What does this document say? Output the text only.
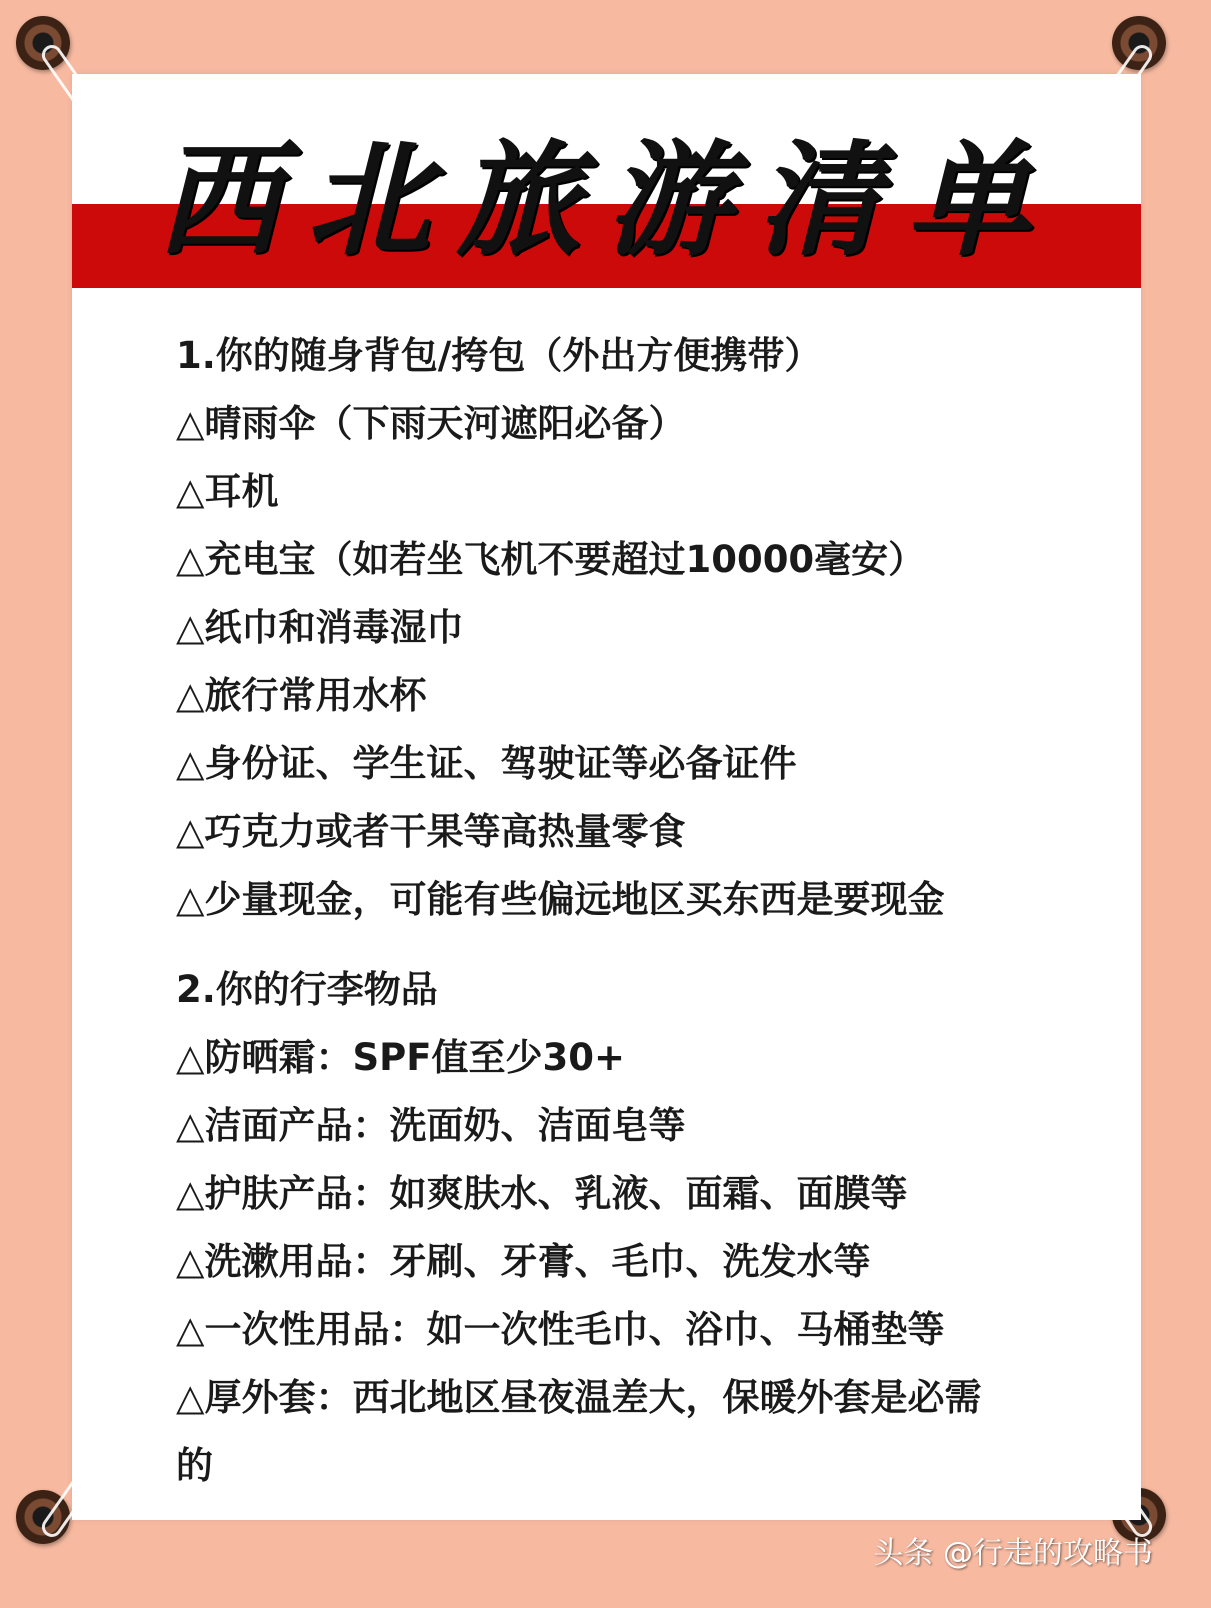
西北旅游清单
1.你的随身背包/挎包（外出方便携带）
△晴雨伞（下雨天河遮阳必备）
△耳机
△充电宝（如若坐飞机不要超过10000毫安）
△纸巾和消毒湿巾
△旅行常用水杯
△身份证、学生证、驾驶证等必备证件
△巧克力或者干果等高热量零食
△少量现金，可能有些偏远地区买东西是要现金
2.你的行李物品
△防晒霜：SPF值至少30+
△洁面产品：洗面奶、洁面皂等
△护肤产品：如爽肤水、乳液、面霜、面膜等
△洗漱用品：牙刷、牙膏、毛巾、洗发水等
△一次性用品：如一次性毛巾、浴巾、马桶垫等
△厚外套：西北地区昼夜温差大，保暖外套是必需的
头条 @行走的攻略书
